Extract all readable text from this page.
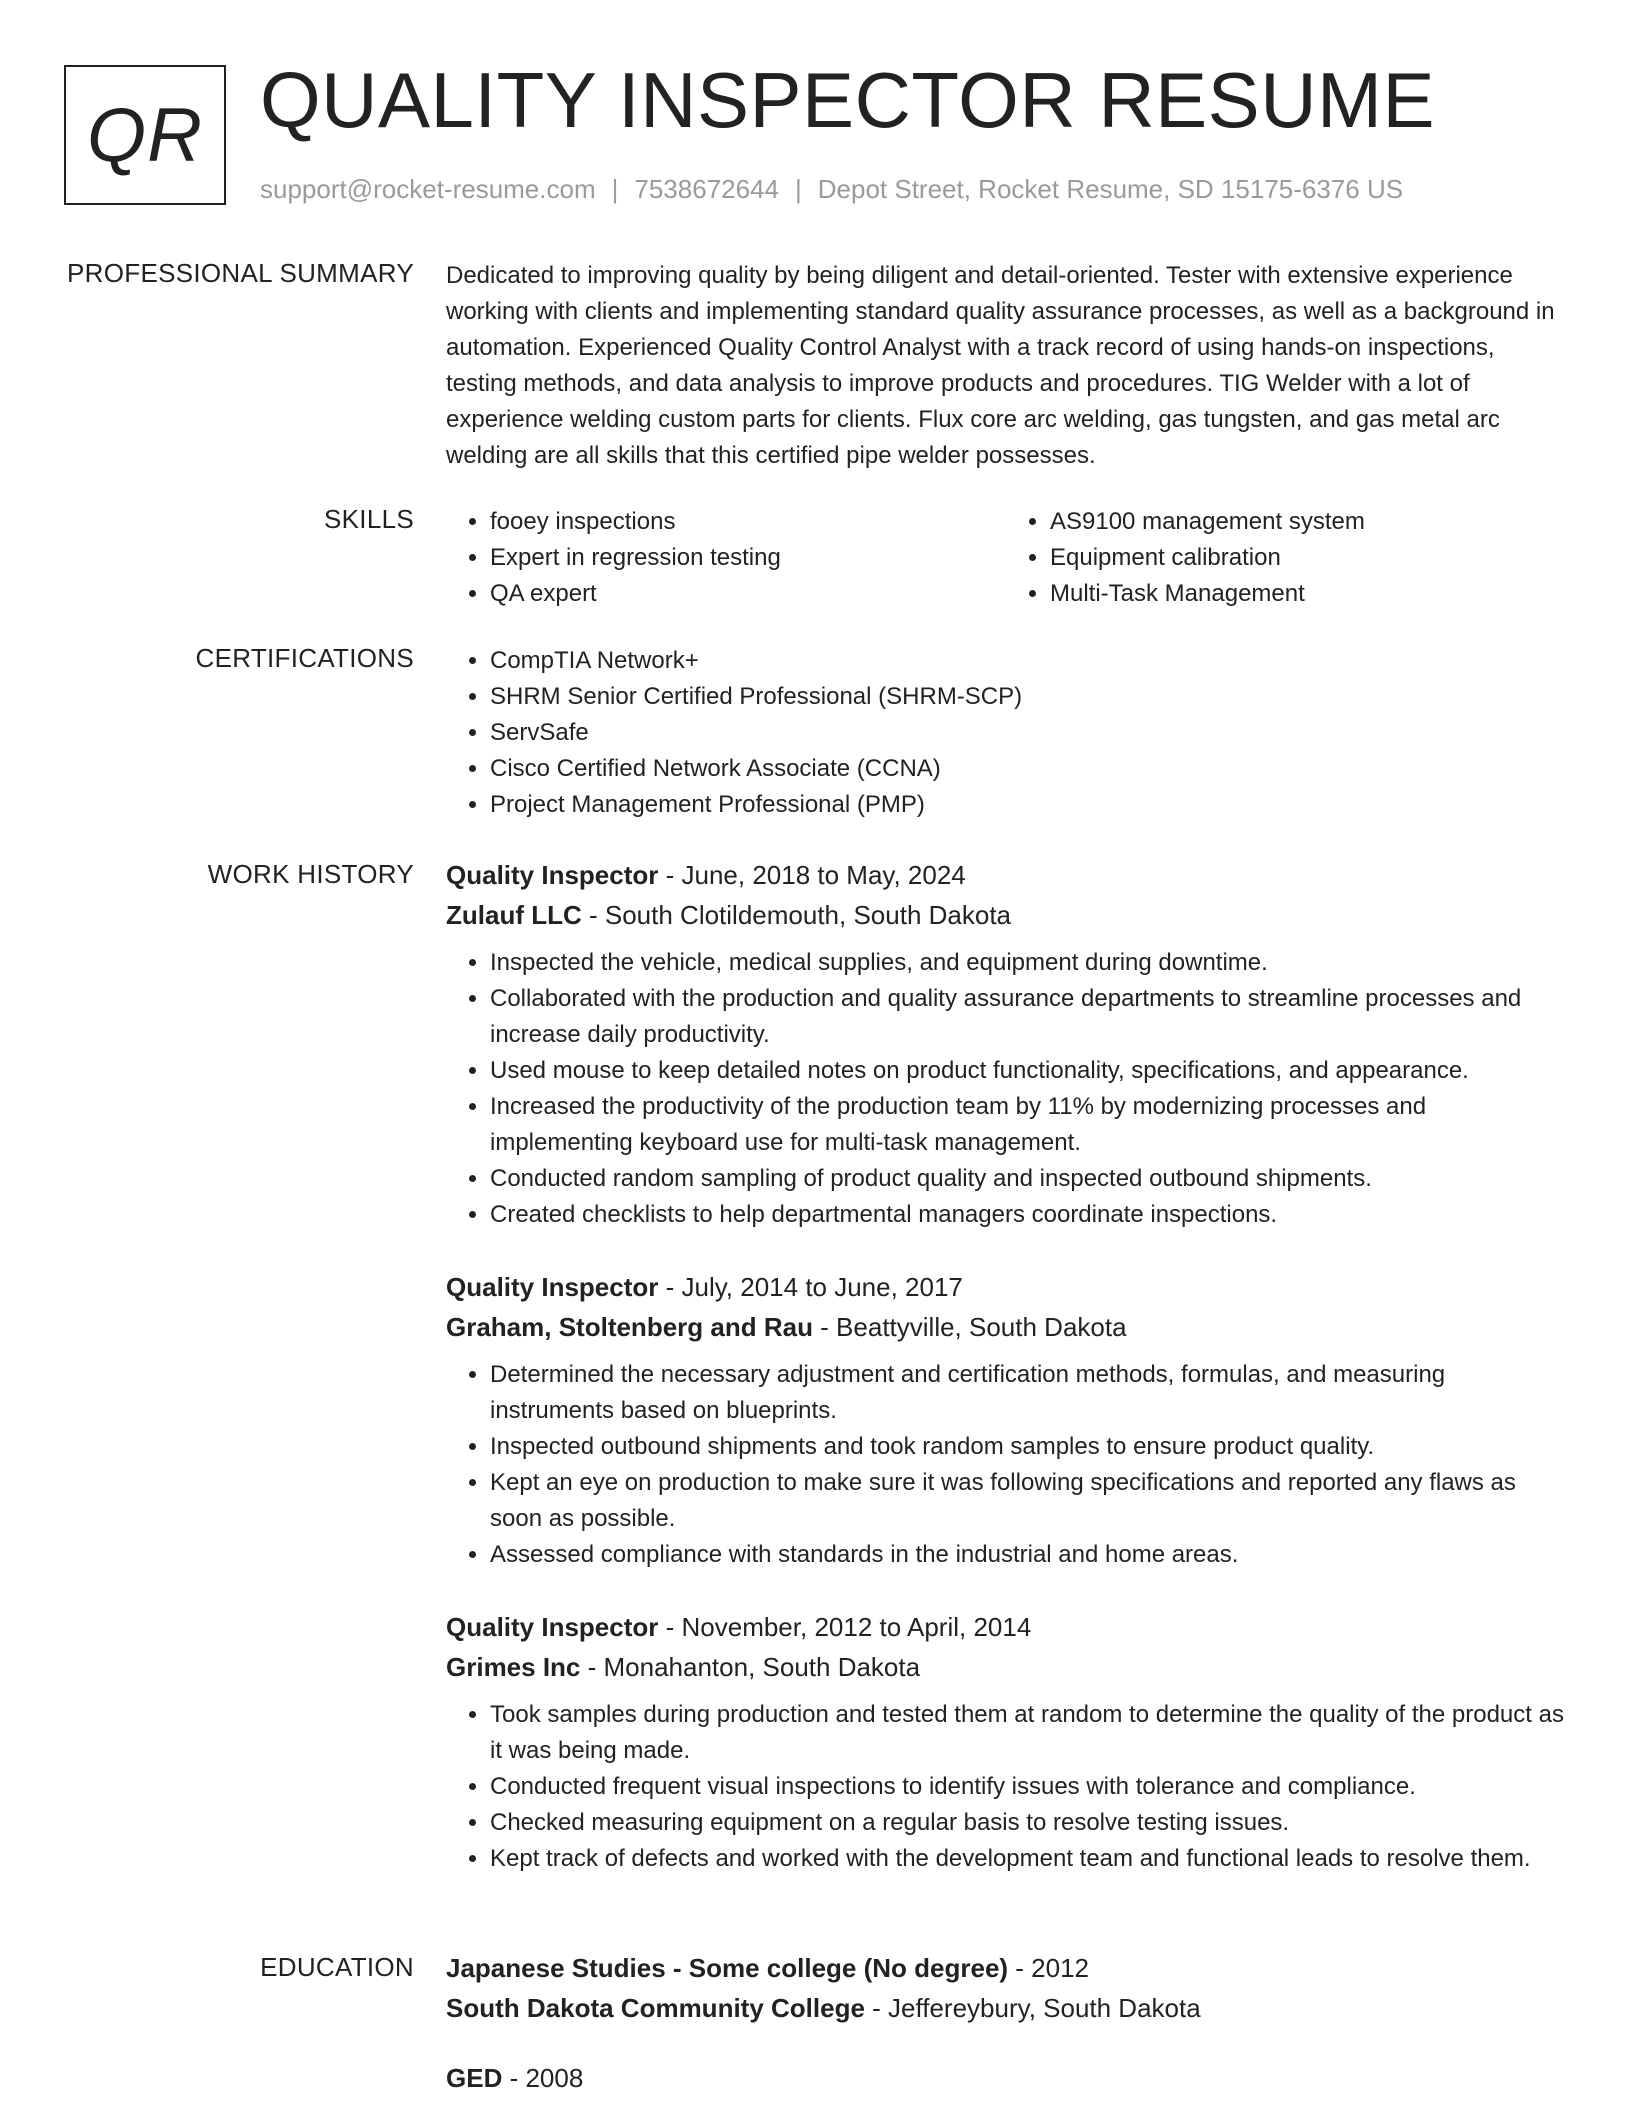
QR QUALITY INSPECTOR RESUME
support@rocket-resume.com | 7538672644 | Depot Street, Rocket Resume, SD 15175-6376 US
PROFESSIONAL SUMMARY Dedicated to improving quality by being diligent and detail-oriented. Tester with extensive experience working with clients and implementing standard quality assurance processes, as well as a background in automation. Experienced Quality Control Analyst with a track record of using hands-on inspections, testing methods, and data analysis to improve products and procedures. TIG Welder with a lot of experience welding custom parts for clients. Flux core arc welding, gas tungsten, and gas metal arc welding are all skills that this certified pipe welder possesses.

SKILLS	• fooey inspections
• Expert in regression testing
• QA expert
• AS9100 management system
• Equipment calibration
• Multi-Task Management
CERTIFICATIONS	• CompTIA Network+
• SHRM Senior Certified Professional (SHRM-SCP)
• ServSafe
• Cisco Certified Network Associate (CCNA)
• Project Management Professional (PMP)
WORK HISTORY Quality Inspector - June, 2018 to May, 2024
Zulauf LLC - South Clotildemouth, South Dakota
• Inspected the vehicle, medical supplies, and equipment during downtime.
• Collaborated with the production and quality assurance departments to streamline processes and increase daily productivity.
• Used mouse to keep detailed notes on product functionality, specifications, and appearance.
• Increased the productivity of the production team by 11% by modernizing processes and implementing keyboard use for multi-task management.
• Conducted random sampling of product quality and inspected outbound shipments.
• Created checklists to help departmental managers coordinate inspections.
Quality Inspector - July, 2014 to June, 2017
Graham, Stoltenberg and Rau - Beattyville, South Dakota
• Determined the necessary adjustment and certification methods, formulas, and measuring instruments based on blueprints.
• Inspected outbound shipments and took random samples to ensure product quality.
• Kept an eye on production to make sure it was following specifications and reported any flaws as soon as possible.
• Assessed compliance with standards in the industrial and home areas.
Quality Inspector - November, 2012 to April, 2014
Grimes Inc - Monahanton, South Dakota
• Took samples during production and tested them at random to determine the quality of the product as it was being made.
• Conducted frequent visual inspections to identify issues with tolerance and compliance.
• Checked measuring equipment on a regular basis to resolve testing issues.
• Kept track of defects and worked with the development team and functional leads to resolve them.
EDUCATION Japanese Studies - Some college (No degree) - 2012
South Dakota Community College - Jeffereybury, South Dakota
GED - 2008
